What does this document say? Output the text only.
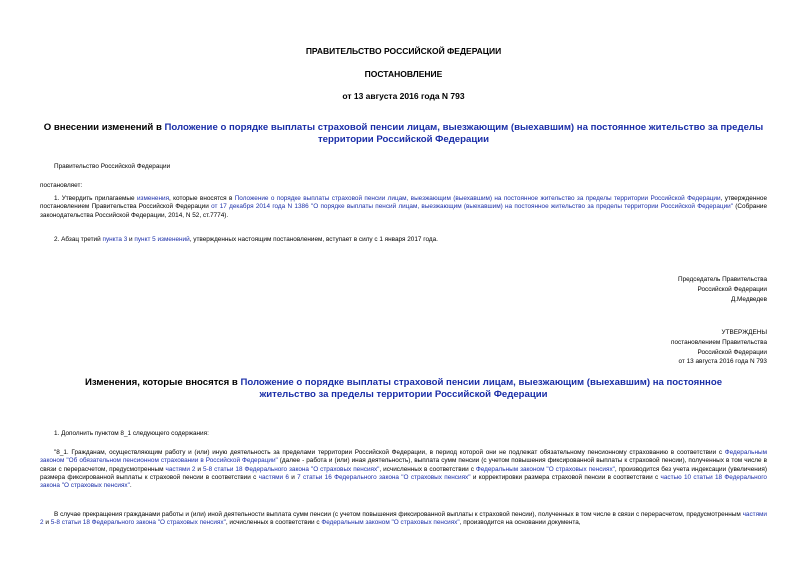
ПРАВИТЕЛЬСТВО РОССИЙСКОЙ ФЕДЕРАЦИИ
ПОСТАНОВЛЕНИЕ
от 13 августа 2016 года N 793
О внесении изменений в Положение о порядке выплаты страховой пенсии лицам, выезжающим (выехавшим) на постоянное жительство за пределы территории Российской Федерации
Правительство Российской Федерации
постановляет:
1. Утвердить прилагаемые изменения, которые вносятся в Положение о порядке выплаты страховой пенсии лицам, выезжающим (выехавшим) на постоянное жительство за пределы территории Российской Федерации, утвержденное постановлением Правительства Российской Федерации от 17 декабря 2014 года N 1386 "О порядке выплаты пенсий лицам, выезжающим (выехавшим) на постоянное жительство за пределы территории Российской Федерации" (Собрание законодательства Российской Федерации, 2014, N 52, ст.7774).
2. Абзац третий пункта 3 и пункт 5 изменений, утвержденных настоящим постановлением, вступает в силу с 1 января 2017 года.
Председатель Правительства
Российской Федерации
Д.Медведев
УТВЕРЖДЕНЫ
постановлением Правительства
Российской Федерации
от 13 августа 2016 года N 793
Изменения, которые вносятся в Положение о порядке выплаты страховой пенсии лицам, выезжающим (выехавшим) на постоянное жительство за пределы территории Российской Федерации
1. Дополнить пунктом 8_1 следующего содержания:
"8_1. Гражданам, осуществляющим работу и (или) иную деятельность за пределами территории Российской Федерации, в период которой они не подлежат обязательному пенсионному страхованию в соответствии с Федеральным законом "Об обязательном пенсионном страховании в Российской Федерации" (далее - работа и (или) иная деятельность), выплата сумм пенсии (с учетом повышения фиксированной выплаты к страховой пенсии), полученных в том числе в связи с перерасчетом, предусмотренным частями 2 и 5-8 статьи 18 Федерального закона "О страховых пенсиях", исчисленных в соответствии с Федеральным законом "О страховых пенсиях", производится без учета индексации (увеличения) размера фиксированной выплаты к страховой пенсии в соответствии с частями 6 и 7 статьи 16 Федерального закона "О страховых пенсиях" и корректировки размера страховой пенсии в соответствии с частью 10 статьи 18 Федерального закона "О страховых пенсиях".
В случае прекращения гражданами работы и (или) иной деятельности выплата сумм пенсии (с учетом повышения фиксированной выплаты к страховой пенсии), полученных в том числе в связи с перерасчетом, предусмотренным частями 2 и 5-8 статьи 18 Федерального закона "О страховых пенсиях", исчисленных в соответствии с Федеральным законом "О страховых пенсиях", производится на основании документа,
